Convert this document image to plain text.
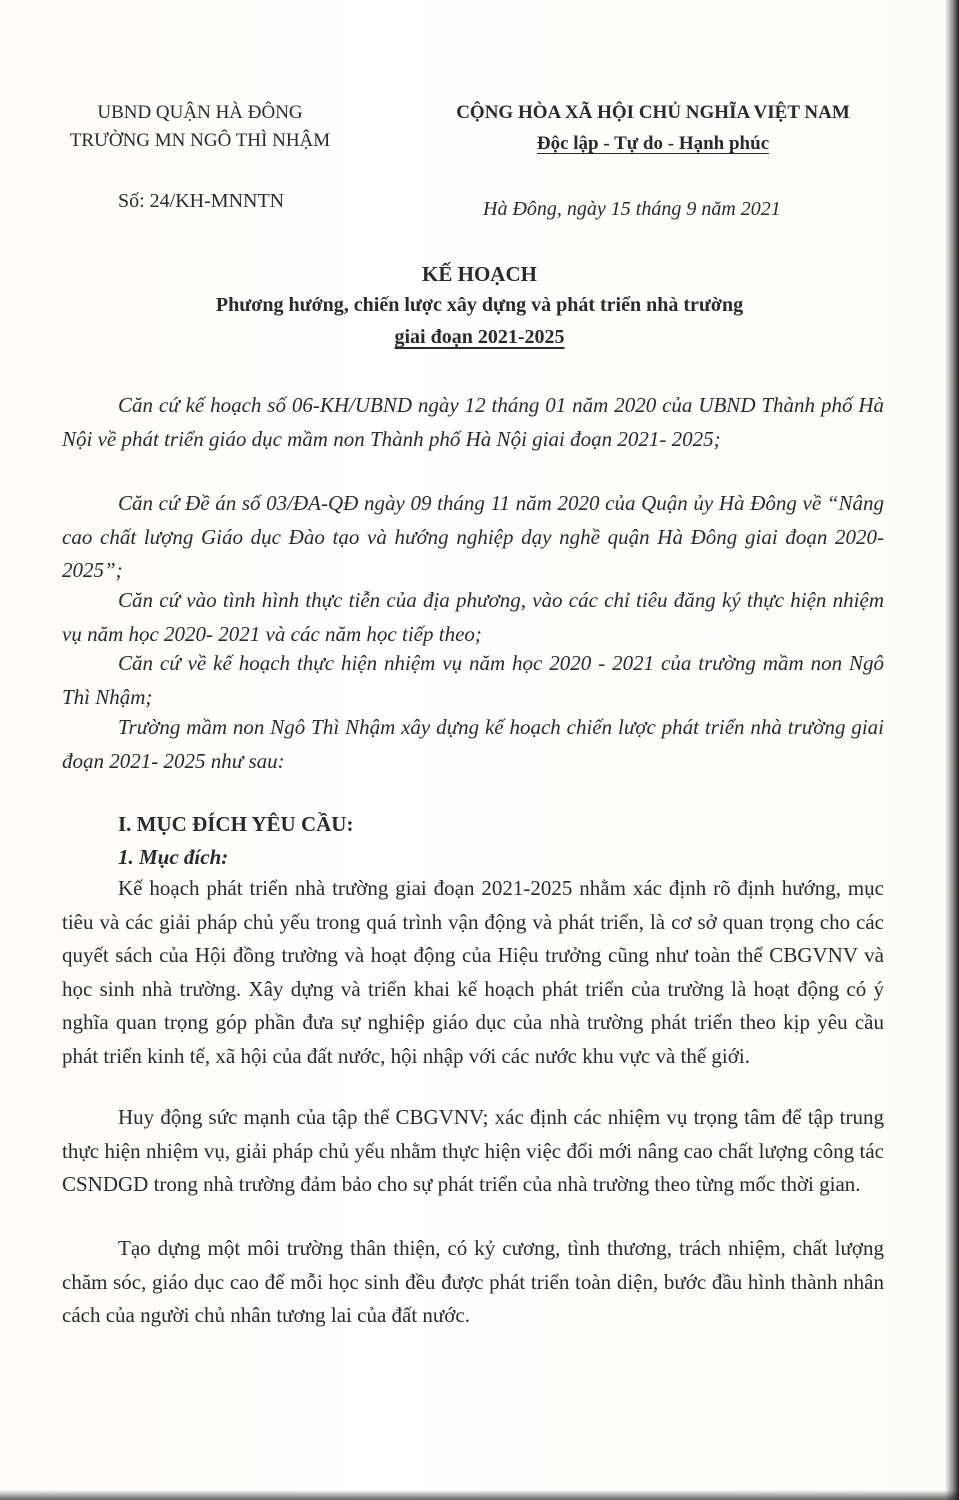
UBND QUẬN HÀ ĐÔNG
TRƯỜNG MN NGÔ THÌ NHẬM
CỘNG HÒA XÃ HỘI CHỦ NGHĨA VIỆT NAM
Độc lập - Tự do - Hạnh phúc
Số: 24/KH-MNNTN	Hà Đông, ngày 15 tháng 9 năm 2021
KẾ HOẠCH
Phương hướng, chiến lược xây dựng và phát triển nhà trường
giai đoạn 2021-2025
Căn cứ kế hoạch số 06-KH/UBND ngày 12 tháng 01 năm 2020 của UBND Thành phố Hà Nội về phát triển giáo dục mầm non Thành phố Hà Nội giai đoạn 2021- 2025;
Căn cứ Đề án số 03/ĐA-QĐ ngày 09 tháng 11 năm 2020 của Quận ủy Hà Đông về “Nâng cao chất lượng Giáo dục Đào tạo và hướng nghiệp dạy nghề quận Hà Đông giai đoạn 2020-2025”;
Căn cứ vào tình hình thực tiễn của địa phương, vào các chỉ tiêu đăng ký thực hiện nhiệm vụ năm học 2020- 2021 và các năm học tiếp theo;
Căn cứ về kế hoạch thực hiện nhiệm vụ năm học 2020 - 2021 của trường mầm non Ngô Thì Nhậm;
Trường mầm non Ngô Thì Nhậm xây dựng kế hoạch chiến lược phát triển nhà trường giai đoạn 2021- 2025 như sau:
I. MỤC ĐÍCH YÊU CẦU:
1. Mục đích:
Kế hoạch phát triển nhà trường giai đoạn 2021-2025 nhằm xác định rõ định hướng, mục tiêu và các giải pháp chủ yếu trong quá trình vận động và phát triển, là cơ sở quan trọng cho các quyết sách của Hội đồng trường và hoạt động của Hiệu trưởng cũng như toàn thể CBGVNV và học sinh nhà trường. Xây dựng và triển khai kế hoạch phát triển của trường là hoạt động có ý nghĩa quan trọng góp phần đưa sự nghiệp giáo dục của nhà trường phát triển theo kịp yêu cầu phát triển kinh tế, xã hội của đất nước, hội nhập với các nước khu vực và thế giới.
Huy động sức mạnh của tập thể CBGVNV; xác định các nhiệm vụ trọng tâm để tập trung thực hiện nhiệm vụ, giải pháp chủ yếu nhằm thực hiện việc đổi mới nâng cao chất lượng công tác CSNDGD trong nhà trường đảm bảo cho sự phát triển của nhà trường theo từng mốc thời gian.
Tạo dựng một môi trường thân thiện, có kỷ cương, tình thương, trách nhiệm, chất lượng chăm sóc, giáo dục cao để mỗi học sinh đều được phát triển toàn diện, bước đầu hình thành nhân cách của người chủ nhân tương lai của đất nước.
